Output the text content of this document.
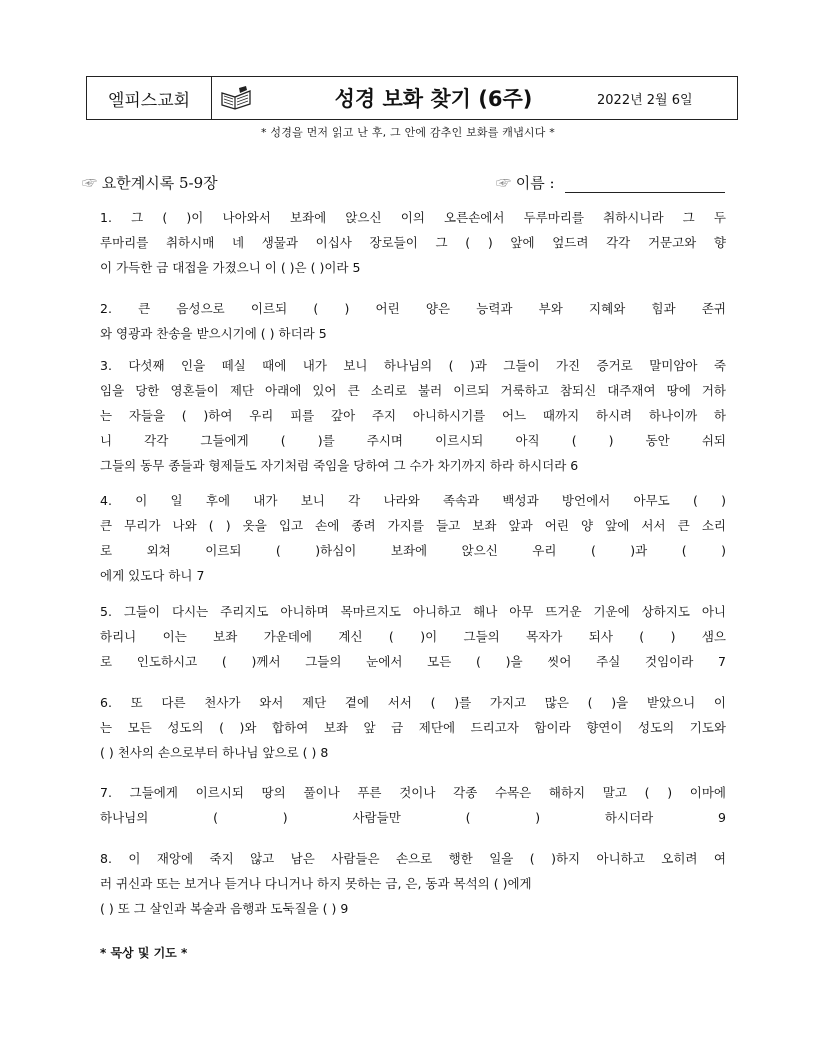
엘피스교회	성경 보화 찾기 (6주)	2022년 2월 6일
* 성경을 먼저 읽고 난 후, 그 안에 감추인 보화를 캐냅시다 *
☞ 요한계시록 5-9장	☞ 이름 :
1. 그 ( )이 나아와서 보좌에 앉으신 이의 오른손에서 두루마리를 취하시니라 그 두
루마리를 취하시매 네 생물과 이십사 장로들이 그 ( ) 앞에 엎드려 각각 거문고와 향
이 가득한 금 대접을 가졌으니 이 ( )은 ( )이라 5
2. 큰 음성으로 이르되 ( ) 어린 양은 능력과 부와 지혜와 힘과 존귀
와 영광과 찬송을 받으시기에 ( ) 하더라 5
3. 다섯째 인을 떼실 때에 내가 보니 하나님의 ( )과 그들이 가진 증거로 말미암아 죽
임을 당한 영혼들이 제단 아래에 있어 큰 소리로 불러 이르되 거룩하고 참되신 대주재여 땅에 거하
는 자들을 ( )하여 우리 피를 갚아 주지 아니하시기를 어느 때까지 하시려 하나이까 하
니 각각 그들에게 ( )를 주시며 이르시되 아직 ( ) 동안 쉬되
그들의 동무 종들과 형제들도 자기처럼 죽임을 당하여 그 수가 차기까지 하라 하시더라 6
4. 이 일 후에 내가 보니 각 나라와 족속과 백성과 방언에서 아무도 ( )
큰 무리가 나와 ( ) 옷을 입고 손에 종려 가지를 들고 보좌 앞과 어린 양 앞에 서서 큰 소리
로 외쳐 이르되 ( )하심이 보좌에 앉으신 우리 ( )과 ( )
에게 있도다 하니 7
5. 그들이 다시는 주리지도 아니하며 목마르지도 아니하고 해나 아무 뜨거운 기운에 상하지도 아니
하리니 이는 보좌 가운데에 계신 ( )이 그들의 목자가 되사 ( ) 샘으
로 인도하시고 ( )께서 그들의 눈에서 모든 ( )을 씻어 주실 것임이라 7
6. 또 다른 천사가 와서 제단 곁에 서서 ( )를 가지고 많은 ( )을 받았으니 이
는 모든 성도의 ( )와 합하여 보좌 앞 금 제단에 드리고자 함이라 향연이 성도의 기도와
( ) 천사의 손으로부터 하나님 앞으로 ( ) 8
7. 그들에게 이르시되 땅의 풀이나 푸른 것이나 각종 수목은 해하지 말고 ( ) 이마에
하나님의 ( ) 사람들만 ( ) 하시더라 9
8. 이 재앙에 죽지 않고 남은 사람들은 손으로 행한 일을 ( )하지 아니하고 오히려 여
러 귀신과 또는 보거나 듣거나 다니거나 하지 못하는 금, 은, 동과 목석의 ( )에게
( ) 또 그 살인과 복술과 음행과 도둑질을 ( ) 9
* 묵상 및 기도 *
